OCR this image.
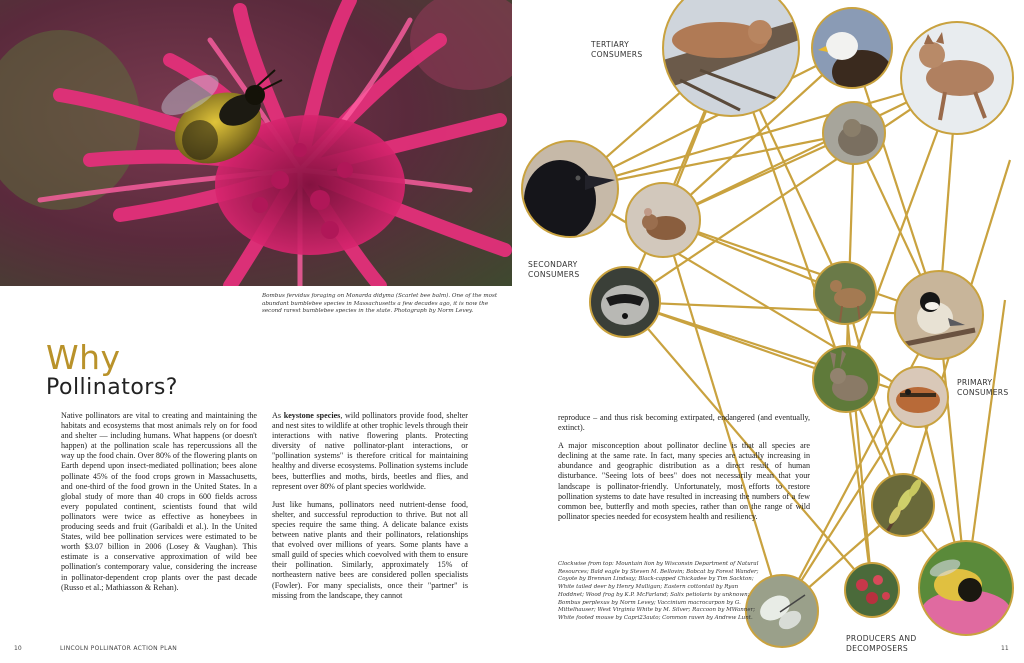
Bombus fervidus foraging on Monarda didyma (Scarlet bee balm). One of the most abundant bumblebee species in Massachusetts a few decades ago, it is now the second rarest bumblebee species in the state. Photograph by Norm Levey.

Why
Pollinators?

Native pollinators are vital to creating and maintaining the habitats and ecosystems that most animals rely on for food and shelter — including humans. What happens (or doesn't happen) at the pollination scale has repercussions all the way up the food chain. Over 80% of the flowering plants on Earth depend upon insect-mediated pollination; bees alone pollinate 45% of the food crops grown in Massachusetts, and one-third of the food grown in the United States. In a global study of more than 40 crops in 600 fields across every populated continent, scientists found that wild pollinators were twice as effective as honeybees in producing seeds and fruit (Garibaldi et al.). In the United States, wild bee pollination services were estimated to be worth $3.07 billion in 2006 (Losey & Vaughan). This estimate is a conservative approximation of wild bee pollination's contemporary value, considering the increase in pollinator-dependent crop plants over the past decade (Russo et al.; Mathiasson & Rehan).

10	LINCOLN POLLINATOR ACTION PLAN

As keystone species, wild pollinators provide food, shelter and nest sites to wildlife at other trophic levels through their interactions with native flowering plants. Protecting diversity of native pollinator-plant interactions, or "pollination systems" is therefore critical for maintaining healthy and diverse ecosystems. Pollination systems include bees, butterflies and moths, birds, beetles and flies, and represent over 80% of plant species worldwide.

Just like humans, pollinators need nutrient-dense food, shelter, and successful reproduction to thrive. But not all species require the same thing. A delicate balance exists between native plants and their pollinators, relationships that evolved over millions of years. Some plants have a small guild of species which coevolved with them to ensure their pollination. Similarly, approximately 15% of northeastern native bees are considered pollen specialists (Fowler). For many specialists, once their "partner" is missing from the landscape, they cannot

TERTIARY
CONSUMERS

SECONDARY
CONSUMERS

PRIMARY
CONSUMERS

PRODUCERS AND
DECOMPOSERS

reproduce – and thus risk becoming extirpated, endangered (and eventually, extinct).

A major misconception about pollinator decline is that all species are declining at the same rate. In fact, many species are actually increasing in abundance and geographic distribution as a direct result of human disturbance. "Seeing lots of bees" does not necessarily mean that your landscape is pollinator-friendly. Unfortunately, most efforts to restore pollination systems to date have resulted in increasing the numbers of a few common bee, butterfly and moth species, rather than on the range of wild pollinator species needed for ecosystem health and resiliency.

Clockwise from top: Mountain lion by Wisconsin Department of Natural Resources; Bald eagle by Steven M. Bellovin; Bobcat by Forest Wander; Coyote by Brennan Lindsay; Black-capped Chickadee by Tim Sackton; White tailed deer by Henry Mulligan; Eastern cottontail by Ryan Hoddnet; Wood frog by K.P. McFarland; Salix petiolaris by unknown; Bombus perplexus by Norm Levey; Vaccinium macrocarpon by G. Mittelhauser; West Virginia White by M. Silver; Raccoon by MWanner; White footed mouse by Capri23auto; Common raven by Andrew Lunt.

11
